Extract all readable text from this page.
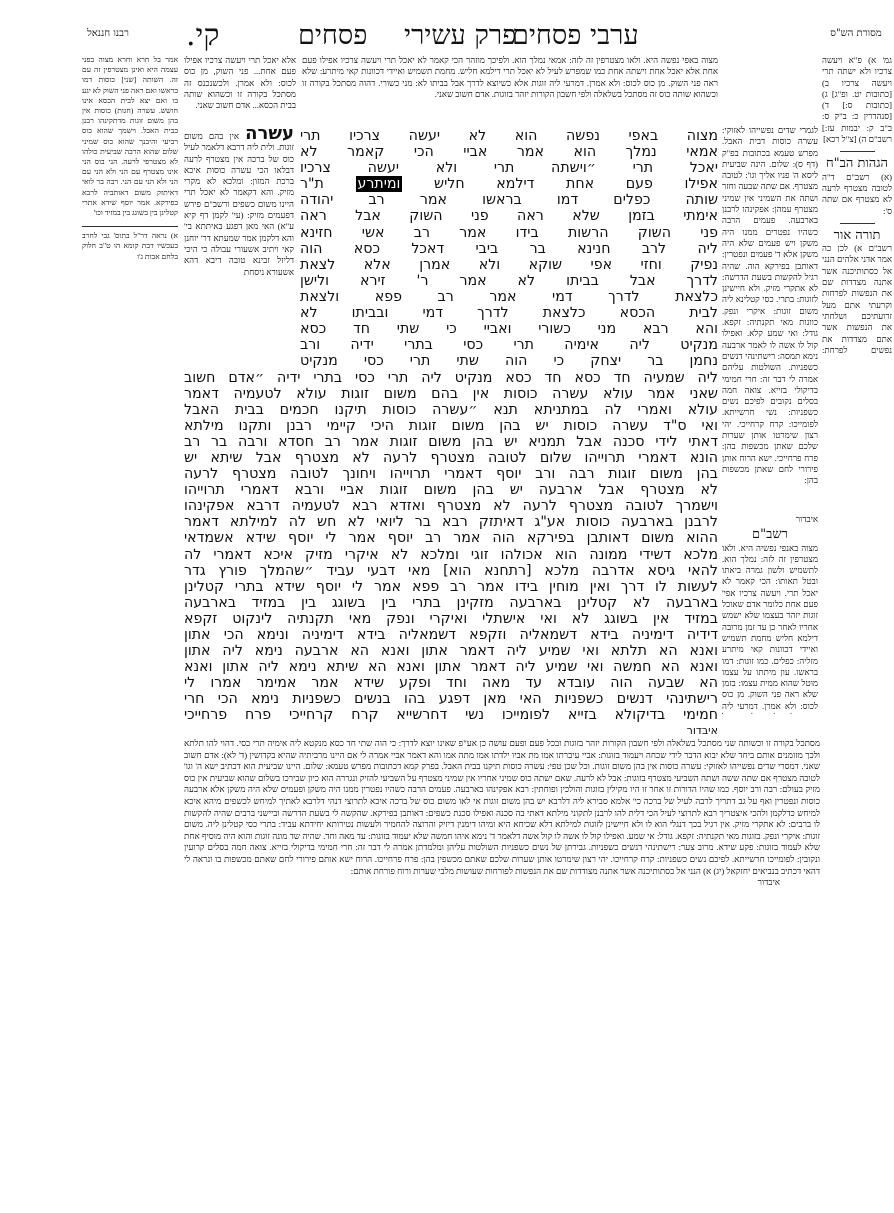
מסורת הש"ס
ערבי פסחים
פרק עשירי
פסחים
קי.
רבנו חננאל
גמ' א) פ"א ויעשה צרכיו ולא ישתה תרי ויעשה צרכיו ב) [כתובות יט. ופ"ג] ג) [כתובות ס:] ד) [סנהדרין כ: ב"ק ס: ב"ב ק: יבמות עז:] רשב"ם ה) [צ"ל רכא]
הגהות הב"ח
(א) רשב"ם ד"ה לטובה מצטרף לרעה לא מצטרף אם שתה ס':
תורה אור
רשב"ם א) לכן כה אמר אדני אלהים הנני אל כסתותיכנה אשר אתנה מצדדות שם את הנפשות לפרחות וקרעתי אתם מעל זרועתיכם ושלחתי את הנפשות אשר אתם מצדדות את נפשים לפרחת:
אמר בל חרא וחרא מצוה בפני עצמה היא ואינן מצטרפין זה עם זה. השותה [שני] כוסות דמו בראשו ואם ראה פני השוק לא יגע בו ואם יצא לבית הכסא אינו חושש. עשרה (חגות) כוסות אין בהן משום זוגות מדתקינהו רבנן בבית האבל. וישמך שהוא כוס רביעי והיבנך שהוא כוס שמיני שלום שהוא הרבה שביעית כולהו לא מצטרפי לרעה. הני בוס הני אינו מצטרף עם הני ולא הני עם הני ולא הני עם הני. רבה בר לואי דאיתזק משום דאותביה לרבא בפירקא. אמר יוסף שידא אתרי קטלינן בין בשוגג בין במזיד וכו'
א) נראה דר"ל בתוס' גבי לחרב בעכשיו דבת קומא הו ט"ב חלוק בלחם אבות ג'ו
מצוה באפי נפשה היא. ולאו מצטרפין זה לזה: אמאי נמלך הוא. ולפיכך מוזהר הכי קאמר לא יאכל תרי ויעשה צרכיו אפילו פעם אחת אלא יאכל אחת וישתה אחת כמו שמפרש לעיל לא יאכל תרי דילמא חליש. מחמת תשמיש ואיידי דכוונות קאי מיתרע: שלא ראה פני השוק. מן כוס לכוס: ולא אמרן. דמרעי ליה זוגות אלא כשיוצא לדרך אבל בביתו לא: מני כשורי. דהוה מסתכל בקורה זו וכשהוא שותה כוס זה מסתכל בשלאלה ולפי חשבון הקורות יזהר בזוגות. אדם חשוב שאני.
אלא יאכל תרי ויעשה צרכיו אפילו פעם אחת... פני השוק, מן כוס לכוס: ולא אמרן. ולכשנכנס זה מסתכל בקורה זו וכשהוא שותה בבית הכסא... אדם חשוב שאני.
עשרה אין בהם משום זוגות. ולית ליה דרבא דלאמר לעיל כוס של ברכה אין מצטרף לרעה דבלאו הכי עשרה כוסות איכא ברכת המזון: ומלכא לא מקרי מזיק. והא דקאמר לא יאכל תרי היינו משום כשפים ורשב"ם פירש דפעמים מזיק: (עי' לקמן דף קיא ע"א) האי מאן דפגע באיתתא בי' והא דלקמן אמר שמעתא דר' יוחנן קאי ויתיב אשעורי עבולה כי היכי דליזל זבינא טובה דיבא דהא אשעורא ניסחת
לגמרי שדים נפשייהו לאזוקי: עשרה כוסות דבית האבל. מפרש טעמא בכתובות בפ"ק (דף ס): שלום. הינה שביעית ליסא ה' פניו אליך וגו': לטובה מצטרף. אם שתה שבעה וחזר ושתה את השמיני אין שמיני מצטרף עמהן: אפקינהו לרבנן בארבעה. פעמים הרבה כשהיו נפטרים ממנו היה משקן ויש פעמים שלא היה משקן אלא ד' פעמים ונפטרין: דאותבן בפירקא הוה. שהיה רגיל להקשות בשעת הדרשה: לא אתקרי מזיק. ולא חיישינן לזוגות: בתרי. כסי קטלינא ליה משום זוגות: איקרי ונפק. כוונות מאי תקנתיה: זקפא. גודל: ואי שמע קלא. ואפילו קול לו אשה לו לאמר ארבעה נימא תמסה: רישתינהי דנשים כשפניות. השולטות עליהם אמרה לי דבר זה: חרי חמימי בדיקולי בזייא. צואה חמה בסלים נקובים לפיכם נשים כשפניות: נשי חרשייתא. לפומייכו: קרח קרחייכי. יהי רצון שימרטו אותן שערות שלכם שאתן מכשפות בהן: פרח פרחייכי. ישא הרוח אותן פירורי לחם שאתן מכשפות בהן:
איבדור
רשב"ם
מצוה באנפי נפשיה היא. ולאו מצטרפין זה לזה: נמלך הוא. לתשמיש ולשון גמרה ביאתו ובטל תאותו: הכי קאמר לא יאכל תרי. ויעשה צרכיו אפי' פעם אחת כלומר אדם שאוכל זוגות יזהר בעצמו שלא ישמש אחריו לאחר כן עד זמן מרובה דילמא חליש מחמת תשמיש ואיידי דכוונות קאי מיתרע מזליה: כפלים. כמו זוגות: דמו בראשו. עון מיתתו על עצמו מוטל שהוא ממית עצמו: בזמן שלא ראה פני השוק. מן כוס לכוס: ולא אמרן. דמרעי ליה
מצוה באפי נפשה הוא לא יעשה צרכיו תרי
אמאי נמלך הוא אמר אביי הכי קאמר לא
יאכל תרי ״וישתה תרי ולא יעשה צרכיו
אפילו פעם אחת דילמא חליש ומיתרע ת"ר
שותה כפלים דמו בראשו אמר רב יהודה
אימתי בזמן שלא ראה פני השוק אבל ראה
פני השוק הרשות בידו אמר רב אשי חזינא
ליה לרב חנינא בר ביבי דאכל כסא הוה
נפיק וחזי אפי שוקא ולא אמרן אלא לצאת
לדרך אבל בביתו לא אמר ר' זירא ולישן
כלצאת לדרך דמי אמר רב פפא ולצאת
לבית הכסא כלצאת לדרך דמי ובביתו לא
והא רבא מני כשורי ואביי כי שתי חד כסא
מנקיט ליה אימיה תרי כסי בתרי ידיה ורב
נחמן בר יצחק כי הוה שתי תרי כסי מנקיט
ליה שמעיה חד כסא חד כסא מנקיט ליה תרי כסי בתרי ידיה ״אדם חשוב
שאני אמר עולא עשרה כוסות אין בהם משום זוגות עולא לטעמיה דאמר
עולא ואמרי לה במתניתא תנא ״עשרה כוסות תיקנו חכמים בבית האבל
ואי ס"ד עשרה כוסות יש בהן משום זוגות היכי קיימי רבנן ותקנו מילתא
דאתי לידי סכנה אבל תמניא יש בהן משום זוגות אמר רב חסדא ורבה בר רב
הונא דאמרי תרוייהו שלום לטובה מצטרף לרעה לא מצטרף אבל שיתא יש
בהן משום זוגות רבה ורב יוסף דאמרי תרוייהו ויחונך לטובה מצטרף לרעה
לא מצטרף אבל ארבעה יש בהן משום זוגות אביי ורבא דאמרי תרוייהו
וישמרך לטובה מצטרף לרעה לא מצטרף ואזדא רבא לטעמיה דרבא אפקינהו
לרבנן בארבעה כוסות אע"ג דאיתזק רבא בר ליואי לא חש לה למילתא דאמר
ההוא משום דאותבן בפירקא הוה אמר רב יוסף אמר לי יוסף שידא אשמדאי
מלכא דשידי ממונה הוא אכולהו זוגי ומלכא לא איקרי מזיק איכא דאמרי לה
להאי גיסא אדרבה מלכא [רתחנא הוא] מאי דבעי עביד ״שהמלך פורץ גדר
לעשות לו דרך ואין מוחין בידו אמר רב פפא אמר לי יוסף שידא בתרי קטלינן
בארבעה לא קטלינן בארבעה מזקינן בתרי בין בשוגג בין במזיד בארבעה
במזיד אין בשוגג לא ואי אישתלי ואיקרי ונפק מאי תקנתיה לינקוט זקפא
דידיה דימיניה בידא דשמאליה וזקפא דשמאליה בידא דימיניה ונימא הכי אתון
ואנא הא תלתא ואי שמיע ליה דאמר אתון ואנא הא ארבעה נימא ליה אתון
ואנא הא חמשה ואי שמיע ליה דאמר אתון ואנא הא שיתא נימא ליה אתון ואנא
הא שבעה הוה עובדא עד מאה וחד ופקע שידא אמר אמימר אמרו לי
רישתינהי דנשים כשפניות האי מאן דפגע בהו בנשים כשפניות נימא הכי חרי
חמימי בדיקולא בזייא לפומייכו נשי דחרשייא קרח קרחייכי פרח פרחייכי
איבדור
מסתכל בקורה זו וכשותה שני מסתכל בשלאלה ולפי חשבון הקורות יזהר בזוגות ובכל פעם ופעם עושה כן אע"פ שאינו יוצא לדרך: כי הוה שתי חד כסא מנקטא ליה אימיה תרי כסי. דהוי להו תלתא ולכך מזומנים אותם ביחד שלא יבוא הדבר לידי שכחה ויעמוד בזוגות: אביי עיברתו אמו מת אביו ילדתו אמו מתה אמו והא דאמר אביי אמרה לי אם היינו מרביתיה שהיא בקדושין (ד' לא): אדם חשוב שאני. דמסרי שדים נפשייהו לאזוקי: עשרה כוסות אין בהן משום זוגות. וכל שכן טפי: עשרה כוסות תיקנו בבית האבל. בפרק קמא דכתובות מפרש טעמא: שלום. היינו שביעית הוא דכתיב ישא ה' וגו' לטובה מצטרף אם שתה ששה ושתה השביעי מצטרף בזוגות: אבל לא לרעה. שאם ישתה כוס שמיני אחריו אין שמיני מצטרף על השביעי להזיק ונגררה הוא כיון שבירכו בשלום שהוא שביעית אין כוס מזיק בעולם: רבה ורב יוסף. כמו שהיו הדורות זו אחר זו היו מקילין בזוגות והולכין ופוחתין: רבא אפקינהו בארבעה. פעמים הרבה כשהיו נפטרין ממנו היה משקן ופעמים שלא היה משקן אלא ארבעה כוסות ונפטרין ואף על גב דתריך לרבה לעיל של ברכה כי' אלמא סבירא ליה דלרבא יש בהן משום זוגות אי לאו משום כוס של ברכה איכא לתרוצי דנהי דלרבא לאתיך למיחש לכשפים מיהא איכא למיחש כדלקמן ולהכי איצטריך רבא לתרוצי לעיל הכי דלית להו לרבנן לתקוני מילתא דאתי בה סכנה ואפילו סכנת כשפים: דאותבן בפירקא. שהקשה לי בשעת הדרשה וביישני ברבים שהיה להקשות לו ברבים: לא אתקרי מזיק. אין רגיל בכך דנגלי הוא לו ולא חיישינן לזוגות למילתא דלא שכיחא היא ומיהו דימנין דיזיק והרוצה להחמיר ולעשות נטירותא יחידתא עביד: בתרי כסי קטלינן ליה. משום זוגות: איקרי ונפק. בזוגות מאי תקנתיה: זקפא. גודל: אי שמע. ואפילו קול לו אשה לו קול אשה דלאמר ד' נימא איהו חמשה שלא יעמוד בזוגות: עד מאה וחד. שהיה שד מונה זוגות והוא היה מוסיף אחת שלא לעמוד בזוגות: פקע שידא. מרוב צער: רישתינהי דנשים כשפניות. גבירתן של נשים כשפניות השולטות עליהן ומלמדתן אמרה לי דבר זה: חרי חמימי בדיקולי בזייא. צואה חמה בסלים קרועין ונקובין: לפומייכו חרשייתא. לפיכם נשים כשפניות: קרח קרחייכו. יהי רצון שימרטו אותן שערות שלכם שאתם מכשפין בהן: פרח פרחייכו. הרוח ישא אותם פירורי לחם שאתם מכשפות בו ונראה לי דהאי דכתיב בנביאים יחזקאל (יג) א) הנני אל כסתותיכנה אשר אתנה מצודדות שם את הנפשות לפורחות שעושות מלבי שערות ורוח פורחת אותם:
איבדור
